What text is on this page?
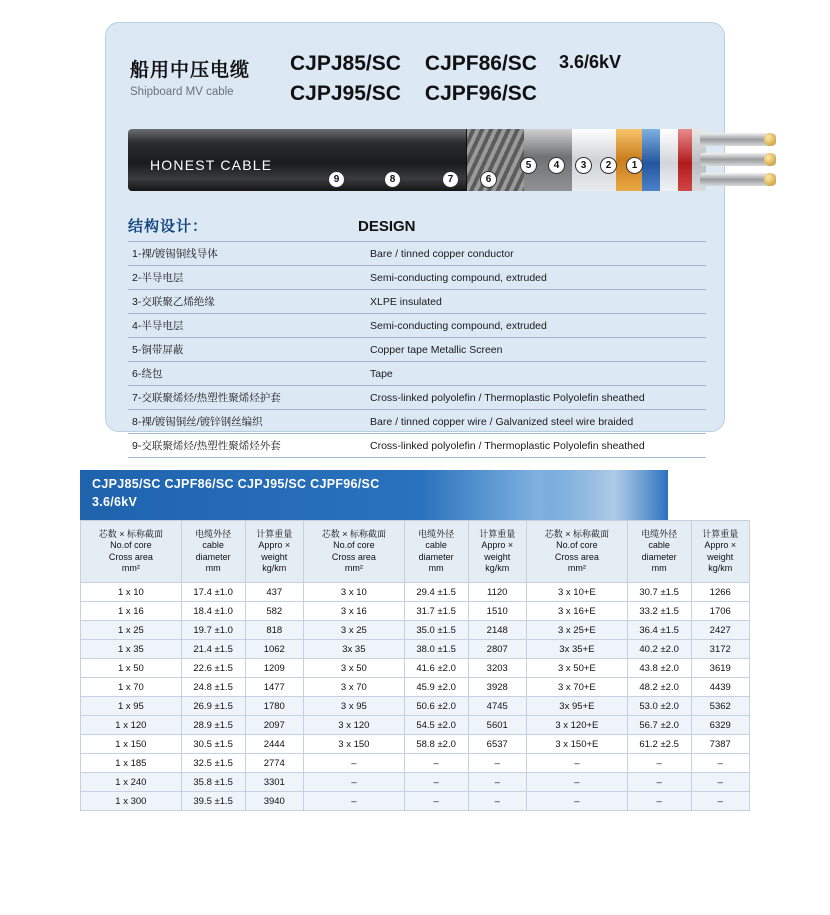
船用中压电缆
Shipboard MV cable
CJPJ85/SC
CJPJ95/SC
CJPF86/SC
CJPF96/SC
3.6/6kV
HONEST CABLE
9	8	7	6
5	4	3	2	1
结构设计：	DESIGN
1-裸/镀锡铜线导体	Bare / tinned copper conductor
2-半导电层	Semi-conducting compound, extruded
3-交联聚乙烯绝缘	XLPE insulated
4-半导电层	Semi-conducting compound, extruded
5-铜带屏蔽	Copper tape Metallic Screen
6-绕包	Tape
7-交联聚烯烃/热塑性聚烯烃护套	Cross-linked polyolefin / Thermoplastic Polyolefin sheathed
8-裸/镀锡铜丝/镀锌钢丝编织	Bare / tinned copper wire / Galvanized steel wire braided
9-交联聚烯烃/热塑性聚烯烃外套	Cross-linked polyolefin / Thermoplastic Polyolefin sheathed
CJPJ85/SC CJPF86/SC CJPJ95/SC CJPF96/SC
3.6/6kV
芯数 × 标称截面
No.of core
Cross area
mm²	电缆外径
cable
diameter
mm	计算重量
Appro ×
weight
kg/km	芯数 × 标称截面
No.of core
Cross area
mm²	电缆外径
cable
diameter
mm	计算重量
Appro ×
weight
kg/km	芯数 × 标称截面
No.of core
Cross area
mm²	电缆外径
cable
diameter
mm	计算重量
Appro ×
weight
kg/km

1 x 10	17.4 ±1.0	437	3 x 10	29.4 ±1.5	1120	3 x 10+E	30.7 ±1.5	1266
1 x 16	18.4 ±1.0	582	3 x 16	31.7 ±1.5	1510	3 x 16+E	33.2 ±1.5	1706
1 x 25	19.7 ±1.0	818	3 x 25	35.0 ±1.5	2148	3 x 25+E	36.4 ±1.5	2427
1 x 35	21.4 ±1.5	1062	3x 35	38.0 ±1.5	2807	3x 35+E	40.2 ±2.0	3172
1 x 50	22.6 ±1.5	1209	3 x 50	41.6 ±2.0	3203	3 x 50+E	43.8 ±2.0	3619
1 x 70	24.8 ±1.5	1477	3 x 70	45.9 ±2.0	3928	3 x 70+E	48.2 ±2.0	4439
1 x 95	26.9 ±1.5	1780	3 x 95	50.6 ±2.0	4745	3x 95+E	53.0 ±2.0	5362
1 x 120	28.9 ±1.5	2097	3 x 120	54.5 ±2.0	5601	3 x 120+E	56.7 ±2.0	6329
1 x 150	30.5 ±1.5	2444	3 x 150	58.8 ±2.0	6537	3 x 150+E	61.2 ±2.5	7387
1 x 185	32.5 ±1.5	2774	–	–	–	–	–	–
1 x 240	35.8 ±1.5	3301	–	–	–	–	–	–
1 x 300	39.5 ±1.5	3940	–	–	–	–	–	–
